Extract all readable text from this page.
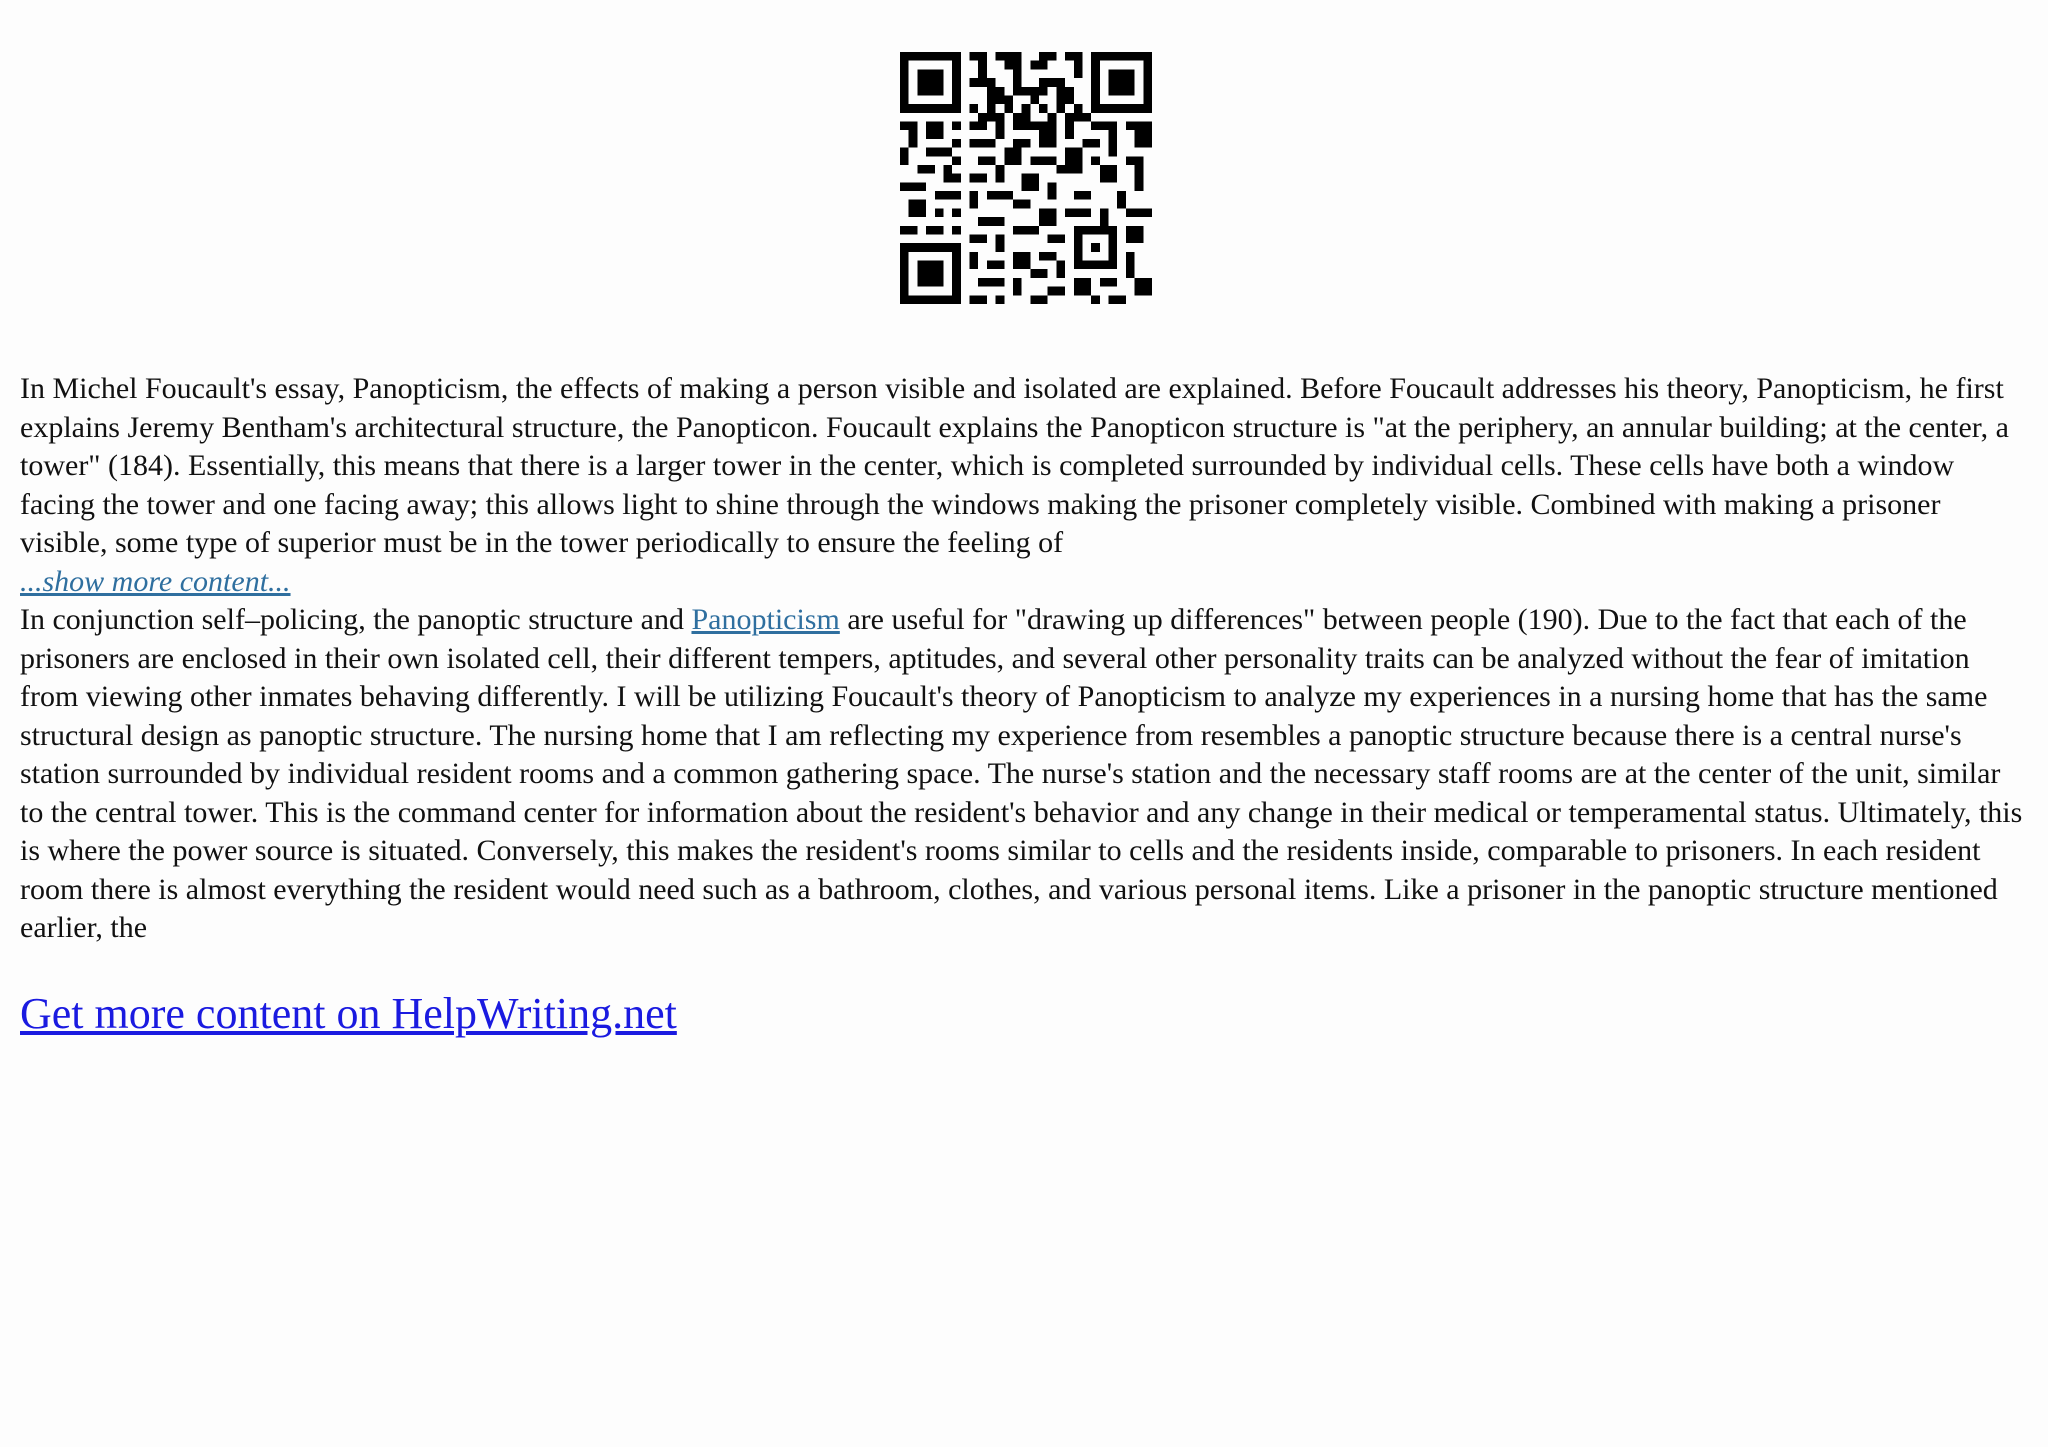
In Michel Foucault's essay, Panopticism, the effects of making a person visible and isolated are explained. Before Foucault addresses his theory, Panopticism, he first explains Jeremy Bentham's architectural structure, the Panopticon. Foucault explains the Panopticon structure is "at the periphery, an annular building; at the center, a tower" (184). Essentially, this means that there is a larger tower in the center, which is completed surrounded by individual cells. These cells have both a window facing the tower and one facing away; this allows light to shine through the windows making the prisoner completely visible. Combined with making a prisoner visible, some type of superior must be in the tower periodically to ensure the feeling of

...show more content...

In conjunction self–policing, the panoptic structure and Panopticism are useful for "drawing up differences" between people (190). Due to the fact that each of the prisoners are enclosed in their own isolated cell, their different tempers, aptitudes, and several other personality traits can be analyzed without the fear of imitation from viewing other inmates behaving differently. I will be utilizing Foucault's theory of Panopticism to analyze my experiences in a nursing home that has the same structural design as panoptic structure. The nursing home that I am reflecting my experience from resembles a panoptic structure because there is a central nurse's station surrounded by individual resident rooms and a common gathering space. The nurse's station and the necessary staff rooms are at the center of the unit, similar to the central tower. This is the command center for information about the resident's behavior and any change in their medical or temperamental status. Ultimately, this is where the power source is situated. Conversely, this makes the resident's rooms similar to cells and the residents inside, comparable to prisoners. In each resident room there is almost everything the resident would need such as a bathroom, clothes, and various personal items. Like a prisoner in the panoptic structure mentioned earlier, the

Get more content on HelpWriting.net
